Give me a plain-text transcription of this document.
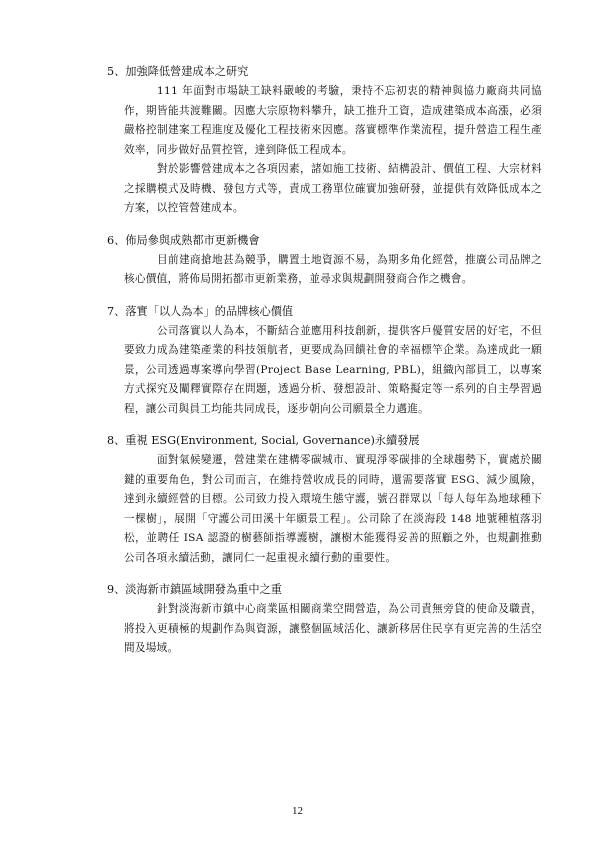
5、加強降低營建成本之研究

111 年面對市場缺工缺料嚴峻的考驗，秉持不忘初衷的精神與協力廠商共同協作，期皆能共渡難關。因應大宗原物料攀升，缺工推升工資，造成建築成本高漲，必須嚴格控制建案工程進度及優化工程技術來因應。落實標準作業流程，提升營造工程生產效率，同步做好品質控管，達到降低工程成本。

對於影響營建成本之各項因素，諸如施工技術、結構設計、價值工程、大宗材料之採購模式及時機、發包方式等，責成工務單位確實加強研發，並提供有效降低成本之方案，以控管營建成本。

6、佈局參與成熟都市更新機會

目前建商搶地甚為競爭，購置土地資源不易，為期多角化經營，推廣公司品牌之核心價值，將佈局開拓都市更新業務，並尋求與規劃開發商合作之機會。

7、落實「以人為本」的品牌核心價值

公司落實以人為本，不斷結合並應用科技創新，提供客戶優質安居的好宅，不但要致力成為建築產業的科技領航者，更要成為回饋社會的幸福標竿企業。為達成此一願景，公司透過專案導向學習(Project Base Learning, PBL)，組織內部員工，以專案方式探究及闡釋實際存在問題，透過分析、發想設計、策略擬定等一系列的自主學習過程，讓公司與員工均能共同成長，逐步朝向公司願景全力邁進。

8、重視 ESG(Environment, Social, Governance)永續發展

面對氣候變遷，營建業在建構零碳城市、實現淨零碳排的全球趨勢下，實處於關鍵的重要角色，對公司而言，在維持營收成長的同時，還需要落實 ESG、減少風險，達到永續經營的目標。公司致力投入環境生態守護，號召群眾以「每人每年為地球種下一棵樹」，展開「守護公司田溪十年願景工程」。公司除了在淡海段 148 地號種植落羽松，並聘任 ISA 認證的樹藝師指導護樹，讓樹木能獲得妥善的照顧之外，也規劃推動公司各項永續活動，讓同仁一起重視永續行動的重要性。

9、淡海新市鎮區域開發為重中之重

針對淡海新市鎮中心商業區相關商業空間營造，為公司責無旁貸的使命及職責，將投入更積極的規劃作為與資源，讓整個區域活化、讓新移居住民享有更完善的生活空間及場域。

12
